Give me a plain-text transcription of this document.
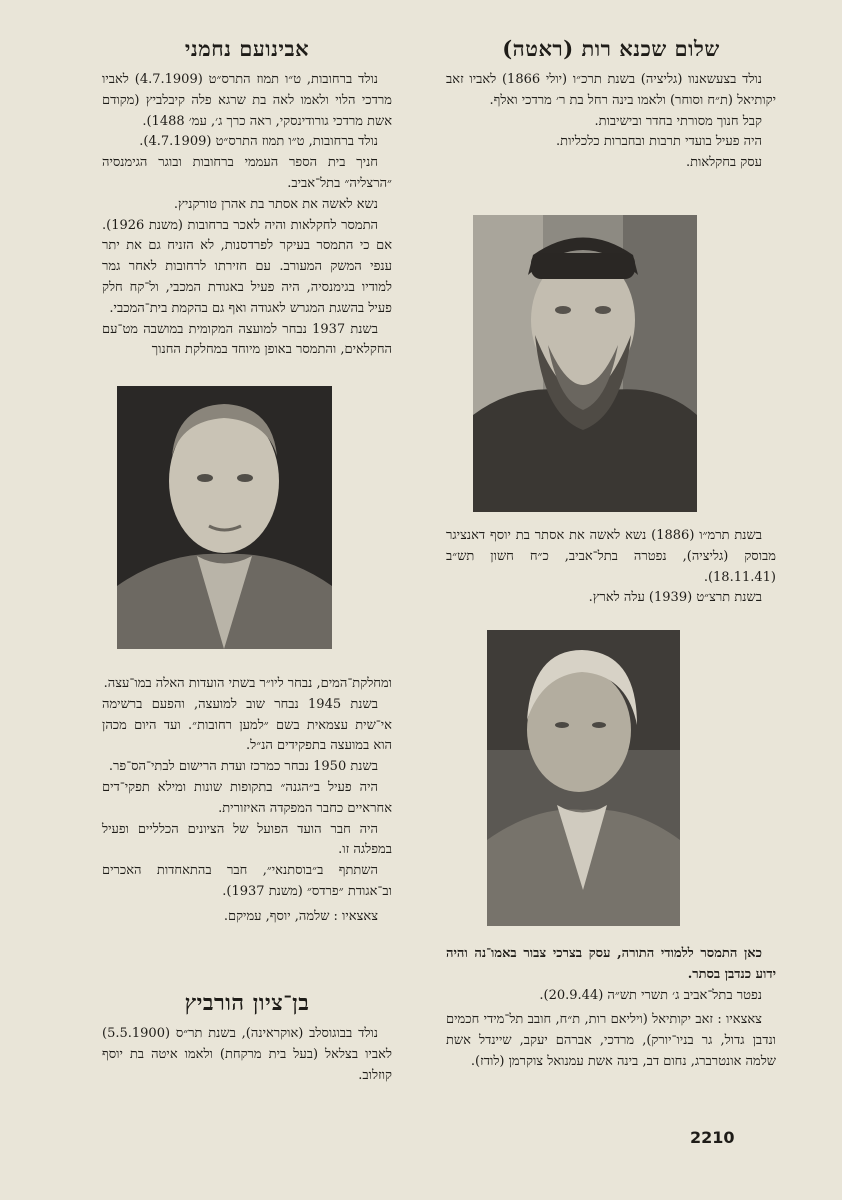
שלום שכנא רות (ראטה)

נולד בצעשאנוו (גליציה) בשנת תרכ״ו (יולי 1866) לאביו זאב יקותיאל (ת״ח וסוחר) ולאמו בינה רחל בת ר׳ מרדכי ואלף.

קבל חנוך מסורתי בחדר ובישיבות.

היה פעיל בועדי תרבות ובחברות כלכליות.

עסק בחקלאות.

בשנת תרמ״ו (1886) נשא לאשה את אסתר בת יוסף דאנציגר מבוסק (גליציה), נפטרה בתל־אביב, כ״ח חשון תש״ב (18.11.41).

בשנת תרצ״ט (1939) עלה לארץ.

כאן התמסר ללמודי התורה, עסק בצרכי צבור באמו־נה והיה ידוע כנדבן בסתר.

נפטר בתל־אביב ג׳ תשרי תש״ה (20.9.44).

צאצאיו : זאב יקותיאל (ויליאם רות, ת״ח, חובב תל־מידי חכמים ונדבן גדול, גר בניו־יורק), מרדכי, אברהם יעקב, שיינדל אשת שלמה אונטרברג, נחום דב, בינה אשת עמנואל צוקרמן (לודז).

אבינועם נחמני

נולד ברחובות, ט״ו תמוז התרס״ט (4.7.1909) לאביו מרדכי הלוי ולאמו לאה בת שרגא פלה קיבלביץ (מקודם אשת מרדכי גורודינסקי, ראה כרך ג׳, עמ׳ 1488).

נולד ברחובות, ט״ו תמוז התרס״ט (4.7.1909).

חניך בית הספר העממי ברחובות ובוגר הגימנסיה ״הרצליה״ בתל־אביב.

נשא לאשה את אסתר בת אהרן טורקניץ.

התמסר לחקלאות והיה לאכר ברחובות (משנת 1926). אם כי התמסר בעיקר לפרדסנות, לא הזניח גם את יתר ענפי המשק המעורב. עם חזירתו לרחובות לאחר גמר למודיו בגימנסיה, היה פעיל באגודת המכבי, ול־קח חלק פעיל בהשגת המגרש לאגודה ואף גם בהקמת בית־המכבי.

בשנת 1937 נבחר למועצה המקומית במושבה מט־עם החקלאים, והתמסר באופן מיוחד במחלקת החנוך

ומחלקת־המים, נבחר ליו״ר בשתי הועדות האלה במו־עצה.

בשנת 1945 נבחר שוב למועצה, והפעם ברשימה אי־שית עצמאית בשם ״למען רחובות״. ועד היום מכהן הוא במועצה בתפקידים הנ״ל.

בשנת 1950 נבחר כמרכז ועדת הרישום לבתי־הס־פר.

היה פעיל ב״הגנה״ בתקופות שונות ומילא תפקי־דים אחראיים כחבר המפקדה האיזורית.

היה חבר הועד הפועל של הציונים הכלליים ופעיל במפלגה זו.

השתתף ב״בוסתנאי״, חבר בהתאחדות האכרים וב־אגודת ״פרדס״ (משנת 1937).

צאצאיו : שלמה, יוסף, עמיקם.

בן־ציון הורביץ

נולד בבוגוסלב (אוקראינה), בשנת תר״ס (5.5.1900) לאביו בצלאל (בעל בית מרקחת) ולאמו איטה בת יוסף קוזלוב.

2210
